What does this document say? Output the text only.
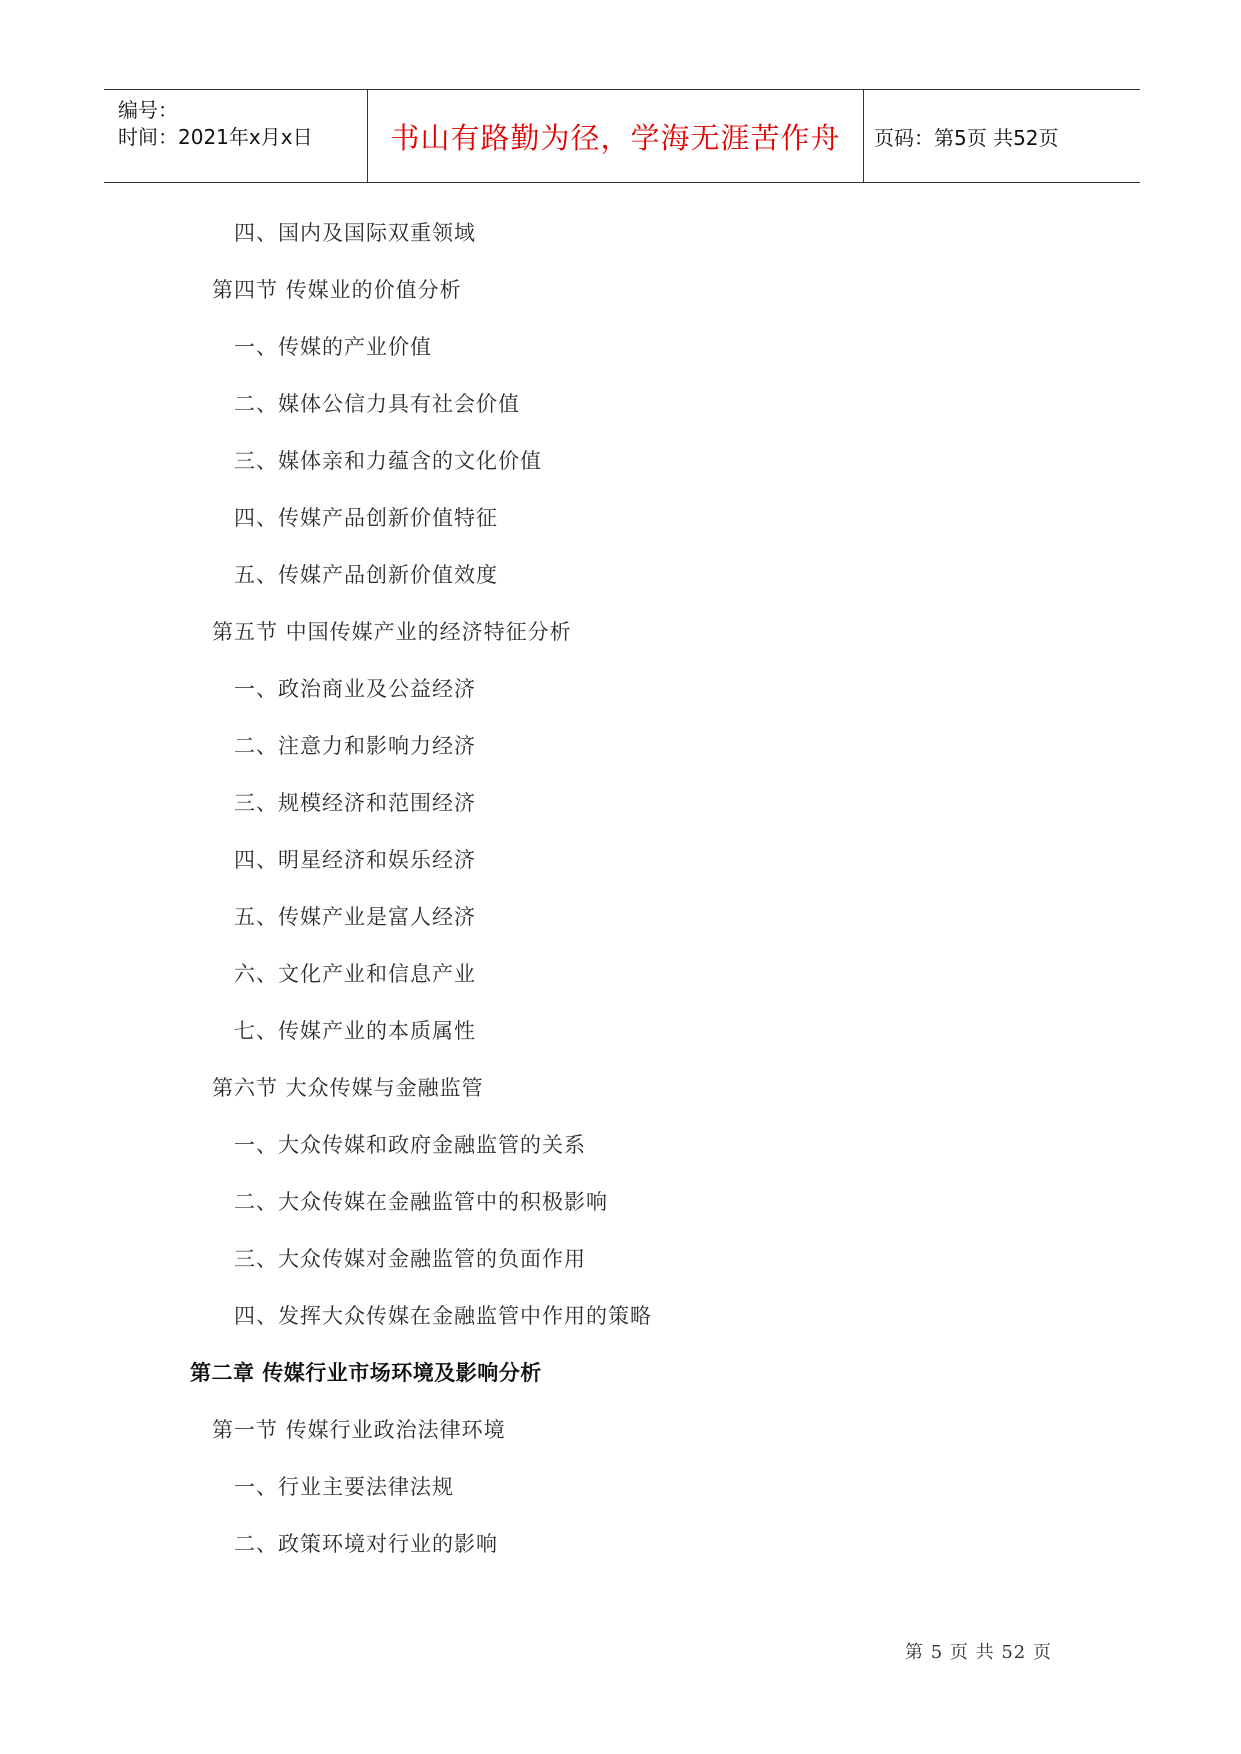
编号：
时间：2021年x月x日	书山有路勤为径，学海无涯苦作舟	页码：第5页 共52页
四、国内及国际双重领域
第四节 传媒业的价值分析
一、传媒的产业价值
二、媒体公信力具有社会价值
三、媒体亲和力蕴含的文化价值
四、传媒产品创新价值特征
五、传媒产品创新价值效度
第五节 中国传媒产业的经济特征分析
一、政治商业及公益经济
二、注意力和影响力经济
三、规模经济和范围经济
四、明星经济和娱乐经济
五、传媒产业是富人经济
六、文化产业和信息产业
七、传媒产业的本质属性
第六节 大众传媒与金融监管
一、大众传媒和政府金融监管的关系
二、大众传媒在金融监管中的积极影响
三、大众传媒对金融监管的负面作用
四、发挥大众传媒在金融监管中作用的策略
第二章 传媒行业市场环境及影响分析
第一节 传媒行业政治法律环境
一、行业主要法律法规
二、政策环境对行业的影响
第 5 页 共 52 页
